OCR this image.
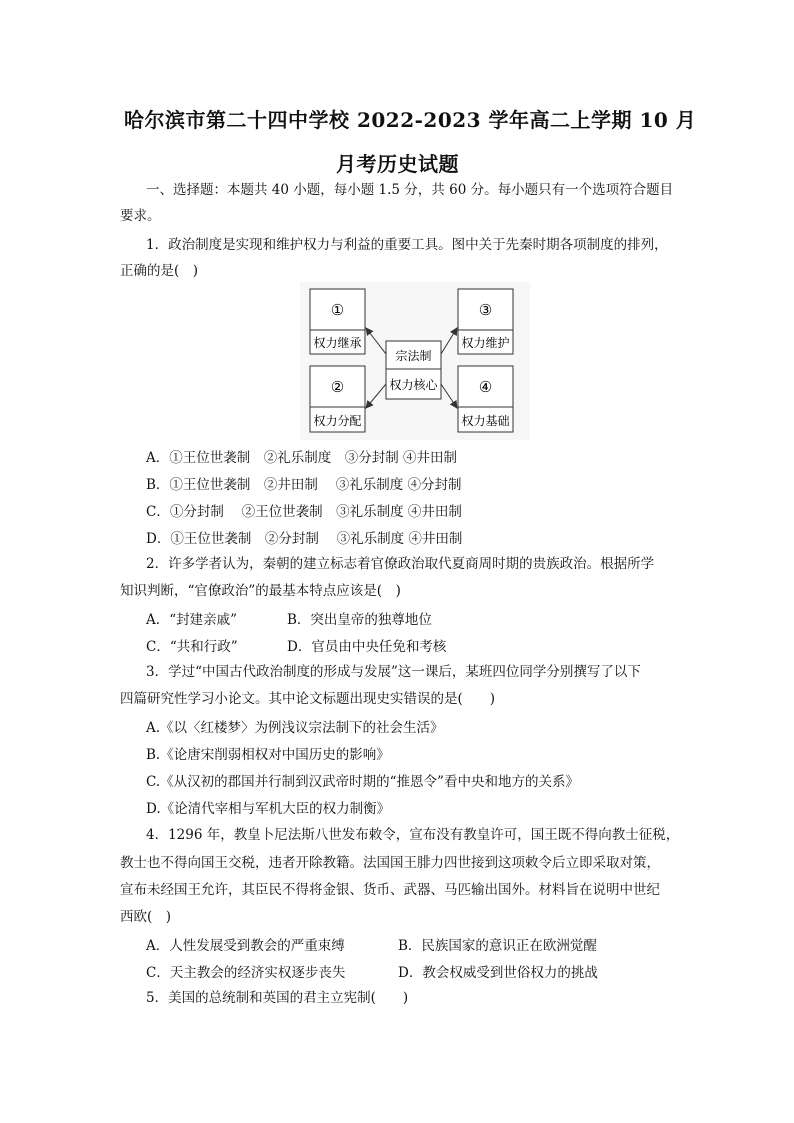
哈尔滨市第二十四中学校 2022-2023 学年高二上学期 10 月
月考历史试题
一、选择题：本题共 40 小题，每小题 1.5 分，共 60 分。每小题只有一个选项符合题目
要求。
1．政治制度是实现和维护权力与利益的重要工具。图中关于先秦时期各项制度的排列，
正确的是(　)
①
权力继承
②
权力分配
③
权力维护
④
权力基础
宗法制
权力核心
A．①王位世袭制　②礼乐制度　③分封制 ④井田制
B．①王位世袭制　②井田制　 ③礼乐制度 ④分封制
C．①分封制　 ②王位世袭制　③礼乐制度 ④井田制
D．①王位世袭制　②分封制　 ③礼乐制度 ④井田制
2．许多学者认为，秦朝的建立标志着官僚政治取代夏商周时期的贵族政治。根据所学
知识判断，“官僚政治”的最基本特点应该是(　)
A．“封建亲戚”	B．突出皇帝的独尊地位
C．“共和行政”	D．官员由中央任免和考核
3．学过“中国古代政治制度的形成与发展”这一课后，某班四位同学分别撰写了以下
四篇研究性学习小论文。其中论文标题出现史实错误的是(　　)
A.《以〈红楼梦〉为例浅议宗法制下的社会生活》
B.《论唐宋削弱相权对中国历史的影响》
C.《从汉初的郡国并行制到汉武帝时期的“推恩令”看中央和地方的关系》
D.《论清代宰相与军机大臣的权力制衡》
4．1296 年，教皇卜尼法斯八世发布敕令，宣布没有教皇许可，国王既不得向教士征税，
教士也不得向国王交税，违者开除教籍。法国国王腓力四世接到这项敕令后立即采取对策，
宣布未经国王允许，其臣民不得将金银、货币、武器、马匹输出国外。材料旨在说明中世纪
西欧(　)
A．人性发展受到教会的严重束缚	B．民族国家的意识正在欧洲觉醒
C．天主教会的经济实权逐步丧失	D．教会权威受到世俗权力的挑战
5．美国的总统制和英国的君主立宪制(　　)
